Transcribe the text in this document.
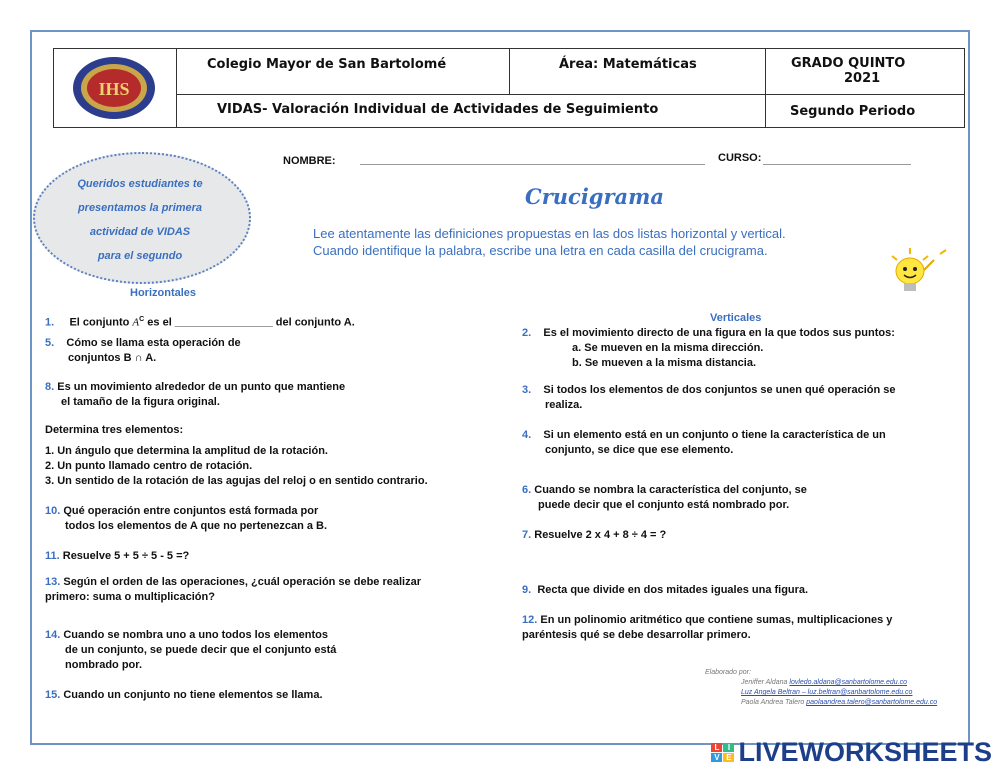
Colegio Mayor de San Bartolomé	Área: Matemáticas	GRADO QUINTO
2021
VIDAS- Valoración Individual de Actividades de Seguimiento	Segundo Periodo
IHS
NOMBRE:	CURSO:
Queridos estudiantes te
presentamos la primera
actividad de VIDAS
para el segundo
Crucigrama
Lee atentamente las definiciones propuestas en las dos listas horizontal y vertical.
Cuando identifique la palabra, escribe una letra en cada casilla del crucigrama.
Horizontales
1. El conjunto $A^C$ es el ________________ del conjunto A.
5. Cómo se llama esta operación de
conjuntos B ∩ A.
8. Es un movimiento alrededor de un punto que mantiene
el tamaño de la figura original.
Determina tres elementos:

1. Un ángulo que determina la amplitud de la rotación.
2. Un punto llamado centro de rotación.
3. Un sentido de la rotación de las agujas del reloj o en sentido contrario.
10. Qué operación entre conjuntos está formada por
todos los elementos de A que no pertenezcan a B.
11. Resuelve 5 + 5 ÷ 5 - 5 =?
13. Según el orden de las operaciones, ¿cuál operación se debe realizar
primero: suma o multiplicación?
14. Cuando se nombra uno a uno todos los elementos
de un conjunto, se puede decir que el conjunto está
nombrado por.
15. Cuando un conjunto no tiene elementos se llama.
Verticales
2. Es el movimiento directo de una figura en la que todos sus puntos:
a. Se mueven en la misma dirección.
b. Se mueven a la misma distancia.
3. Si todos los elementos de dos conjuntos se unen qué operación se
realiza.
4. Si un elemento está en un conjunto o tiene la característica de un
conjunto, se dice que ese elemento.
6. Cuando se nombra la característica del conjunto, se
puede decir que el conjunto está nombrado por.
7. Resuelve 2 x 4 + 8 ÷ 4 = ?
9. Recta que divide en dos mitades iguales una figura.
12. En un polinomio aritmético que contiene sumas, multiplicaciones y
paréntesis qué se debe desarrollar primero.
Elaborado por:
Jeniffer Aldana lovledo.aldana@sanbartolome.edu.co
Luz Angela Beltran – luz.beltran@sanbartolome.edu.co
Paola Andrea Talero paolaandrea.talero@sanbartolome.edu.co
L	I
V E LIVEWORKSHEETS
